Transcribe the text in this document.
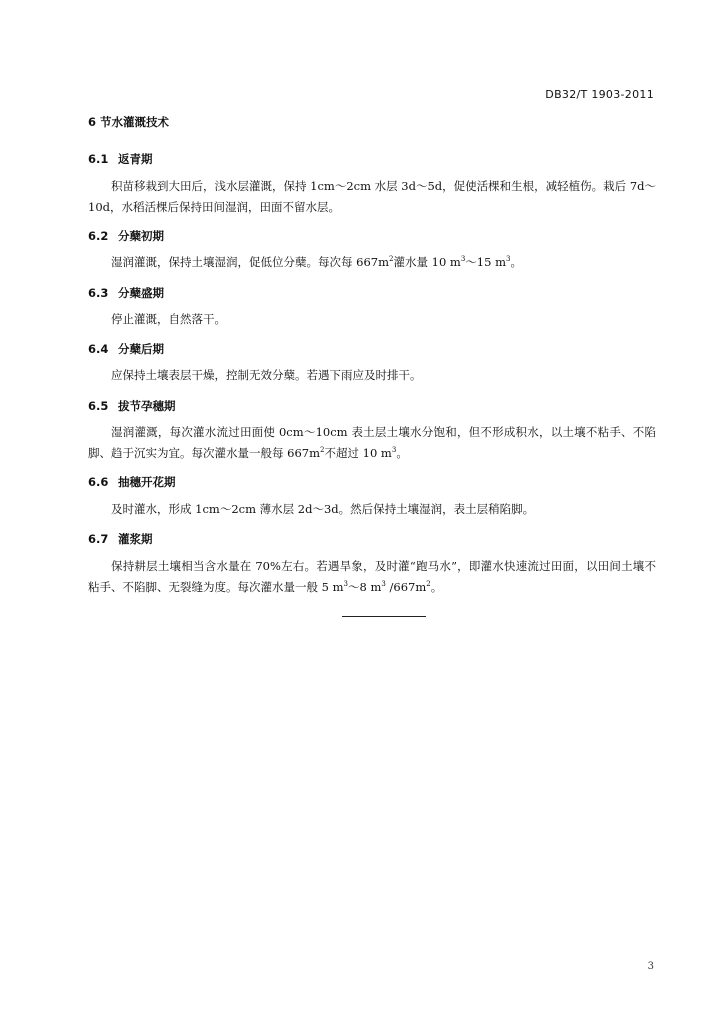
DB32/T 1903-2011
6 节水灌溉技术
6.1 返青期

积苗移栽到大田后，浅水层灌溉，保持 1cm～2cm 水层 3d～5d，促使活棵和生根，减轻植伤。栽后 7d～10d，水稻活棵后保持田间湿润，田面不留水层。

6.2 分蘖初期

湿润灌溉，保持土壤湿润，促低位分蘖。每次每 $667m^2$灌水量 10 $m^3\sim 15$ $m^3$。

6.3 分蘖盛期

停止灌溉，自然落干。

6.4 分蘖后期

应保持土壤表层干燥，控制无效分蘖。若遇下雨应及时排干。

6.5 拔节孕穗期

湿润灌溉，每次灌水流过田面使 0cm～10cm 表土层土壤水分饱和，但不形成积水，以土壤不粘手、不陷脚、趋于沉实为宜。每次灌水量一般每 $667m^2$不超过 10 $m^3$。

6.6 抽穗开花期

及时灌水，形成 1cm～2cm 薄水层 2d～3d。然后保持土壤湿润，表土层稍陷脚。

6.7 灌浆期

保持耕层土壤相当含水量在 70%左右。若遇旱象，及时灌“跑马水”，即灌水快速流过田面，以田间土壤不粘手、不陷脚、无裂缝为度。每次灌水量一般 5 $m^3\sim 8$ $m^3$ $/667m^2$。

3
